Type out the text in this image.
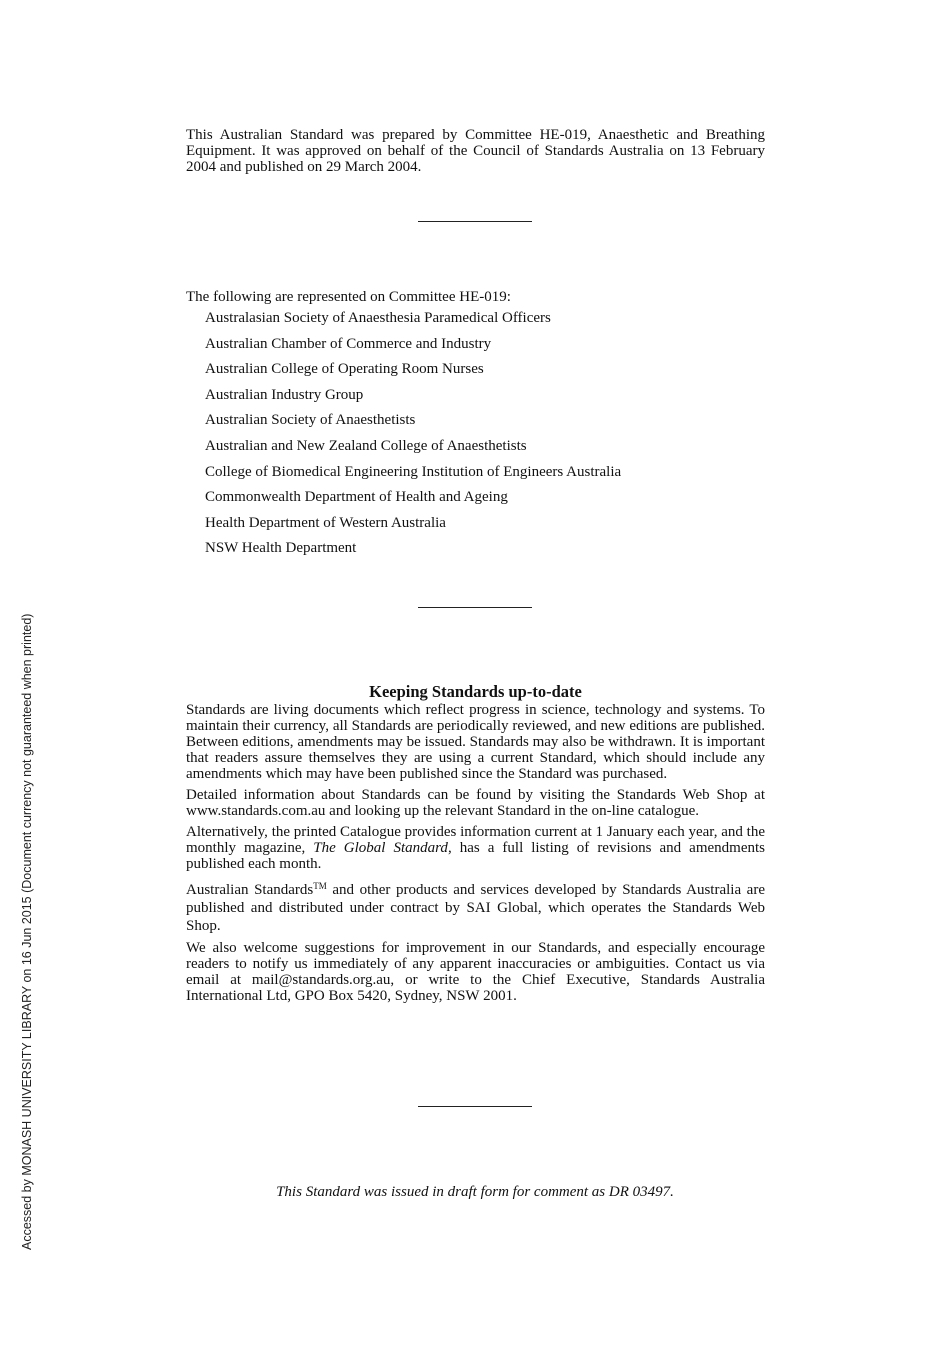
Accessed by MONASH UNIVERSITY LIBRARY on 16 Jun 2015 (Document currency not guaranteed when printed)

This Australian Standard was prepared by Committee HE-019, Anaesthetic and Breathing Equipment. It was approved on behalf of the Council of Standards Australia on 13 February 2004 and published on 29 March 2004.

The following are represented on Committee HE-019:

Australasian Society of Anaesthesia Paramedical Officers
Australian Chamber of Commerce and Industry
Australian College of Operating Room Nurses
Australian Industry Group
Australian Society of Anaesthetists
Australian and New Zealand College of Anaesthetists
College of Biomedical Engineering Institution of Engineers Australia
Commonwealth Department of Health and Ageing
Health Department of Western Australia
NSW Health Department
Keeping Standards up-to-date

Standards are living documents which reflect progress in science, technology and systems. To maintain their currency, all Standards are periodically reviewed, and new editions are published. Between editions, amendments may be issued. Standards may also be withdrawn. It is important that readers assure themselves they are using a current Standard, which should include any amendments which may have been published since the Standard was purchased.

Detailed information about Standards can be found by visiting the Standards Web Shop at www.standards.com.au and looking up the relevant Standard in the on-line catalogue.

Alternatively, the printed Catalogue provides information current at 1 January each year, and the monthly magazine, The Global Standard, has a full listing of revisions and amendments published each month.

Australian Standards™ and other products and services developed by Standards Australia are published and distributed under contract by SAI Global, which operates the Standards Web Shop.

We also welcome suggestions for improvement in our Standards, and especially encourage readers to notify us immediately of any apparent inaccuracies or ambiguities. Contact us via email at mail@standards.org.au, or write to the Chief Executive, Standards Australia International Ltd, GPO Box 5420, Sydney, NSW 2001.

This Standard was issued in draft form for comment as DR 03497.
